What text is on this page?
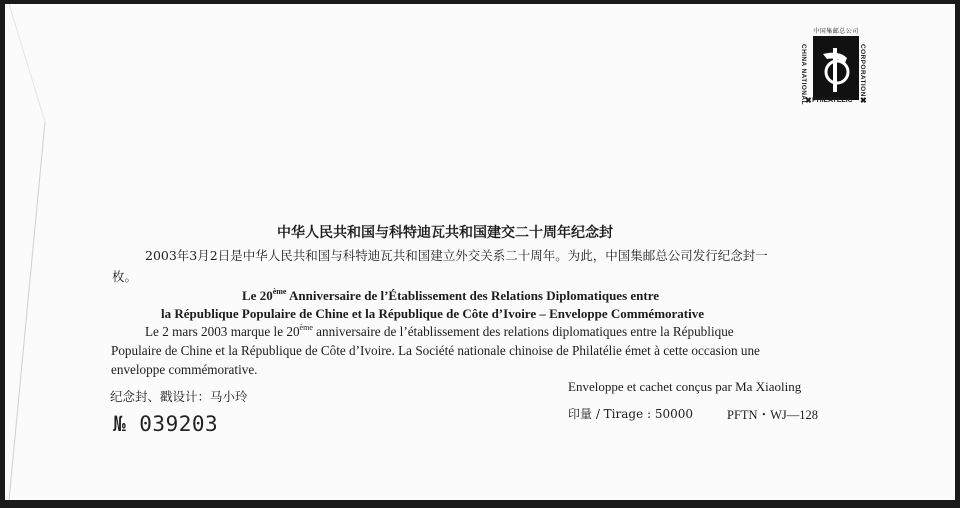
中国集邮总公司
CHINA NATIONAL	CORPORATION
✖ PHILATELIC ✖
中华人民共和国与科特迪瓦共和国建交二十周年纪念封
2003年3月2日是中华人民共和国与科特迪瓦共和国建立外交关系二十周年。为此，中国集邮总公司发行纪念封一
枚。
Le 20ème Anniversaire de l’Établissement des Relations Diplomatiques entre
la République Populaire de Chine et la République de Côte d’Ivoire – Enveloppe Commémorative
Le 2 mars 2003 marque le 20ème anniversaire de l’établissement des relations diplomatiques entre la République
Populaire de Chine et la République de Côte d’Ivoire. La Société nationale chinoise de Philatélie émet à cette occasion une
enveloppe commémorative.
纪念封、戳设计：马小玲
№ 039203
Enveloppe et cachet conçus par Ma Xiaoling
印量 / Tirage : 50000	PFTN・WJ—128
